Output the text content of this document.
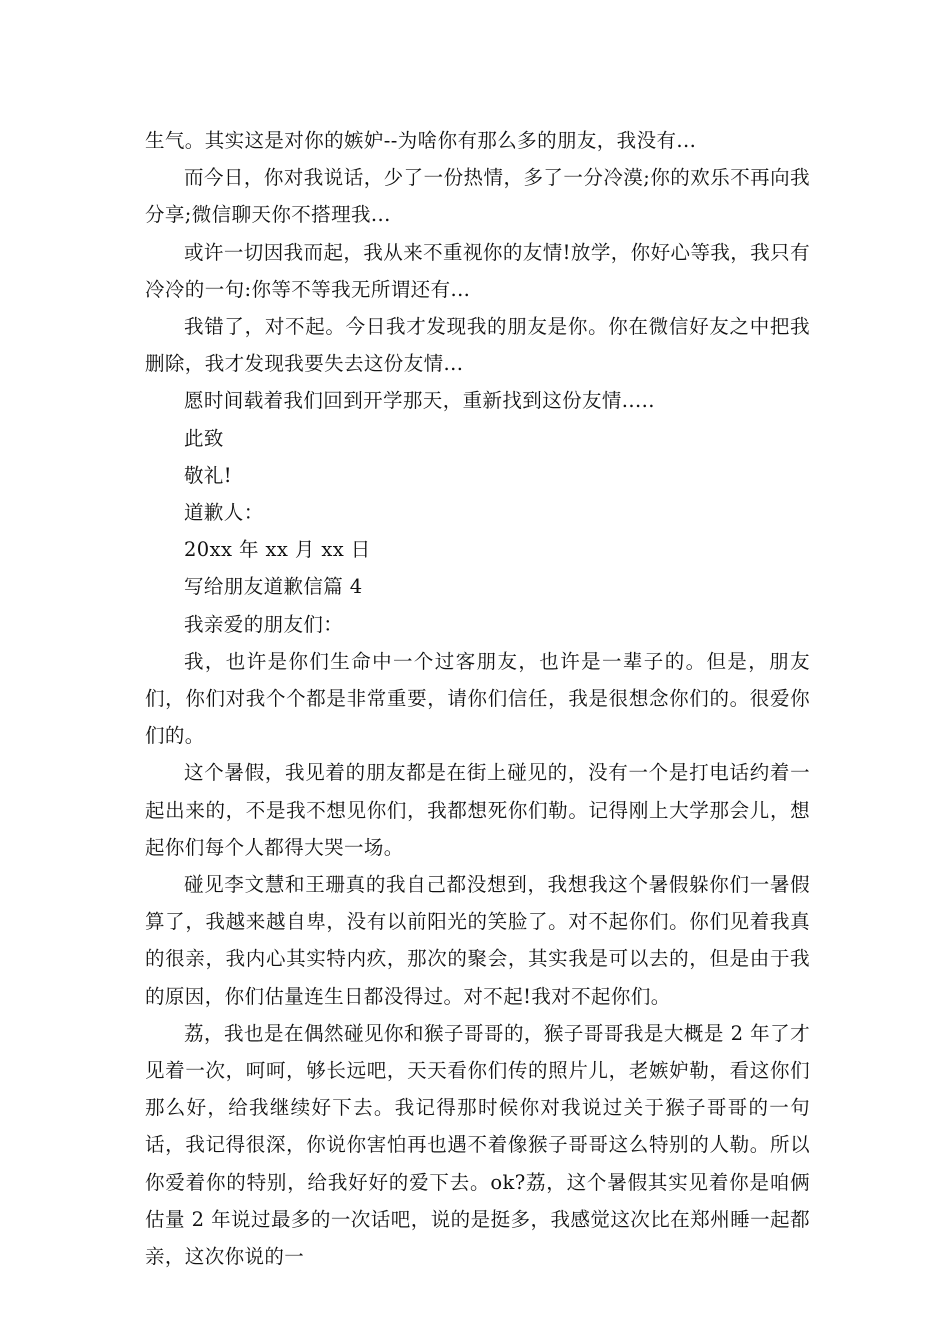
生气。其实这是对你的嫉妒--为啥你有那么多的朋友，我没有...

而今日，你对我说话，少了一份热情，多了一分冷漠;你的欢乐不再向我分享;微信聊天你不搭理我...

或许一切因我而起，我从来不重视你的友情!放学，你好心等我，我只有冷冷的一句:你等不等我无所谓还有...

我错了，对不起。今日我才发现我的朋友是你。你在微信好友之中把我删除，我才发现我要失去这份友情...

愿时间载着我们回到开学那天，重新找到这份友情.....

此致

敬礼!

道歉人：

20xx 年 xx 月 xx 日

写给朋友道歉信篇 4

我亲爱的朋友们：

我，也许是你们生命中一个过客朋友，也许是一辈子的。但是，朋友们，你们对我个个都是非常重要，请你们信任，我是很想念你们的。很爱你们的。

这个暑假，我见着的朋友都是在街上碰见的，没有一个是打电话约着一起出来的，不是我不想见你们，我都想死你们勒。记得刚上大学那会儿，想起你们每个人都得大哭一场。

碰见李文慧和王珊真的我自己都没想到，我想我这个暑假躲你们一暑假算了，我越来越自卑，没有以前阳光的笑脸了。对不起你们。你们见着我真的很亲，我内心其实特内疚，那次的聚会，其实我是可以去的，但是由于我的原因，你们估量连生日都没得过。对不起!我对不起你们。

荔，我也是在偶然碰见你和猴子哥哥的，猴子哥哥我是大概是 2 年了才见着一次，呵呵，够长远吧，天天看你们传的照片儿，老嫉妒勒，看这你们那么好，给我继续好下去。我记得那时候你对我说过关于猴子哥哥的一句话，我记得很深，你说你害怕再也遇不着像猴子哥哥这么特别的人勒。所以你爱着你的特别，给我好好的爱下去。ok?荔，这个暑假其实见着你是咱俩估量 2 年说过最多的一次话吧，说的是挺多，我感觉这次比在郑州睡一起都亲，这次你说的一
